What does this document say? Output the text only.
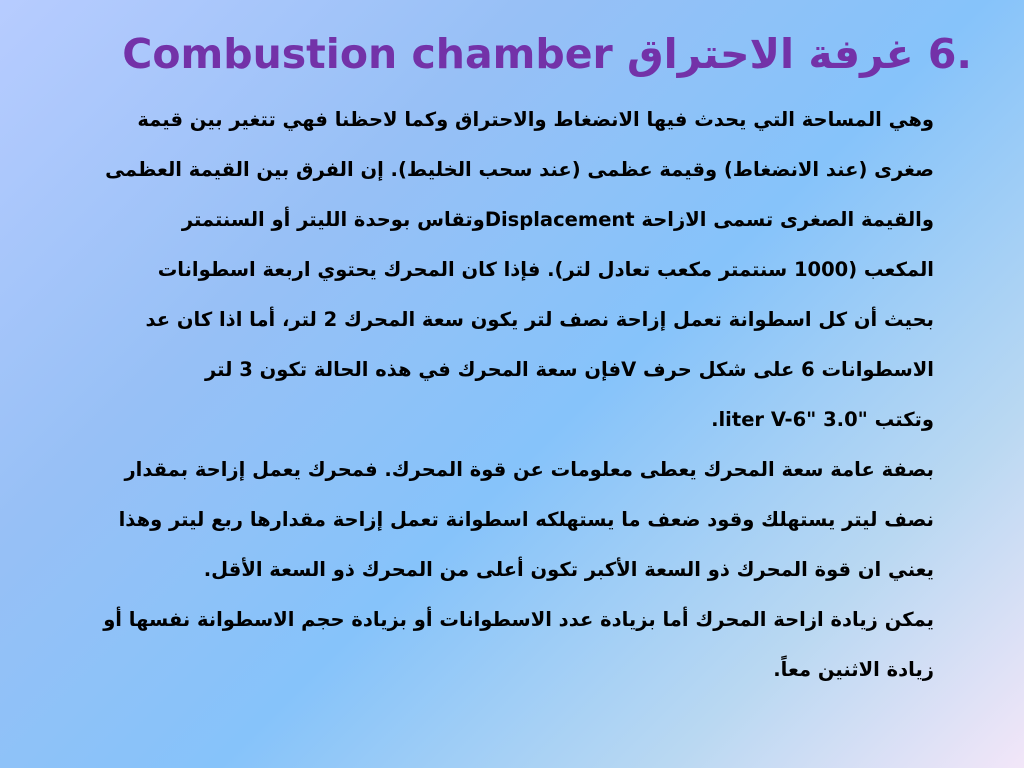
Combustion chamber غرفة الاحتراق 6.

وهي المساحة التي يحدث فيها الانضغاط والاحتراق وكما لاحظنا فهي تتغير بين قيمة
صغرى (عند الانضغاط) وقيمة عظمى (عند سحب الخليط). إن الفرق بين القيمة العظمى
والقيمة الصغرى تسمى الازاحة Displacementوتقاس بوحدة الليتر أو السنتمتر
المكعب (1000 سنتمتر مكعب تعادل لتر). فإذا كان المحرك يحتوي اربعة اسطوانات
بحيث أن كل اسطوانة تعمل إزاحة نصف لتر يكون سعة المحرك 2 لتر، أما اذا كان عد
الاسطوانات 6 على شكل حرف Vفإن سعة المحرك في هذه الحالة تكون 3 لتر
وتكتب "3.0 "liter V-6.

بصفة عامة سعة المحرك يعطى معلومات عن قوة المحرك. فمحرك يعمل إزاحة بمقدار
نصف ليتر يستهلك وقود ضعف ما يستهلكه اسطوانة تعمل إزاحة مقدارها ربع ليتر وهذا
يعني ان قوة المحرك ذو السعة الأكبر تكون أعلى من المحرك ذو السعة الأقل.

يمكن زيادة ازاحة المحرك أما بزيادة عدد الاسطوانات أو بزيادة حجم الاسطوانة نفسها أو
زيادة الاثنين معاً.
